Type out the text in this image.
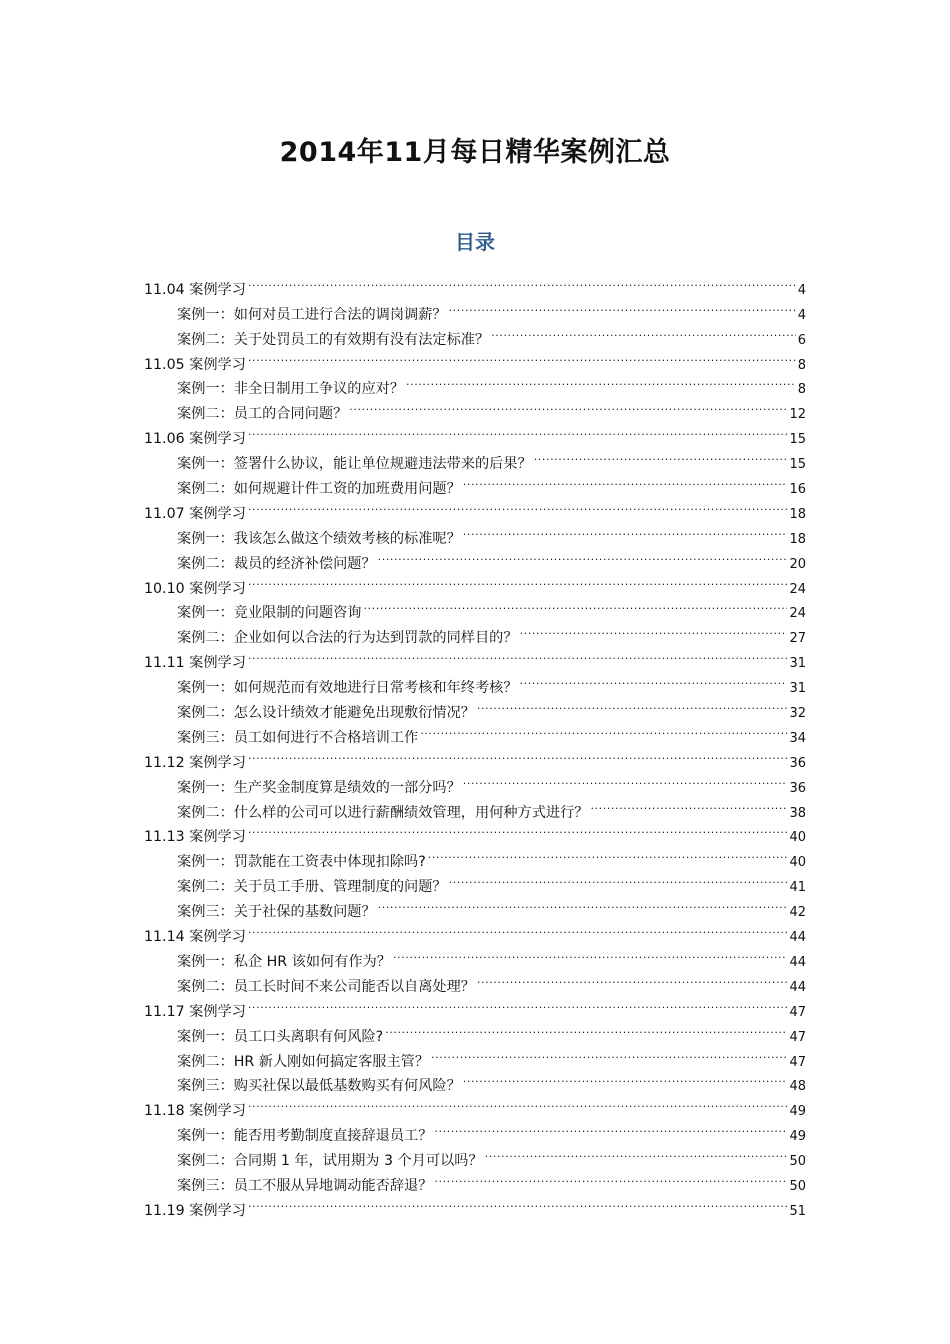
2014年11月每日精华案例汇总
目录
11.04 案例学习 .....	4
案例一：如何对员工进行合法的调岗调薪？ .....	4
案例二：关于处罚员工的有效期有没有法定标准？ .....	6
11.05 案例学习 .....	8
案例一：非全日制用工争议的应对？ .....	8
案例二：员工的合同问题？ .....	12
11.06 案例学习 .....	15
案例一：签署什么协议，能让单位规避违法带来的后果？ .....	15
案例二：如何规避计件工资的加班费用问题？ .....	16
11.07 案例学习 .....	18
案例一：我该怎么做这个绩效考核的标准呢？ .....	18
案例二：裁员的经济补偿问题？ .....	20
10.10 案例学习 .....	24
案例一：竞业限制的问题咨询 .....	24
案例二：企业如何以合法的行为达到罚款的同样目的？ .....	27
11.11 案例学习 .....	31
案例一：如何规范而有效地进行日常考核和年终考核？ .....	31
案例二：怎么设计绩效才能避免出现敷衍情况？ .....	32
案例三：员工如何进行不合格培训工作 .....	34
11.12 案例学习 .....	36
案例一：生产奖金制度算是绩效的一部分吗？ .....	36
案例二：什么样的公司可以进行薪酬绩效管理，用何种方式进行？ .....	38
11.13 案例学习 .....	40
案例一：罚款能在工资表中体现扣除吗? .....	40
案例二：关于员工手册、管理制度的问题？ .....	41
案例三：关于社保的基数问题？ .....	42
11.14 案例学习 .....	44
案例一：私企 HR 该如何有作为？ .....	44
案例二：员工长时间不来公司能否以自离处理？ .....	44
11.17 案例学习 .....	47
案例一：员工口头离职有何风险? .....	47
案例二：HR 新人刚如何搞定客服主管？ .....	47
案例三：购买社保以最低基数购买有何风险？ .....	48
11.18 案例学习 .....	49
案例一：能否用考勤制度直接辞退员工？ .....	49
案例二：合同期 1 年，试用期为 3 个月可以吗？ .....	50
案例三：员工不服从异地调动能否辞退？ .....	50
11.19 案例学习 .....	51
